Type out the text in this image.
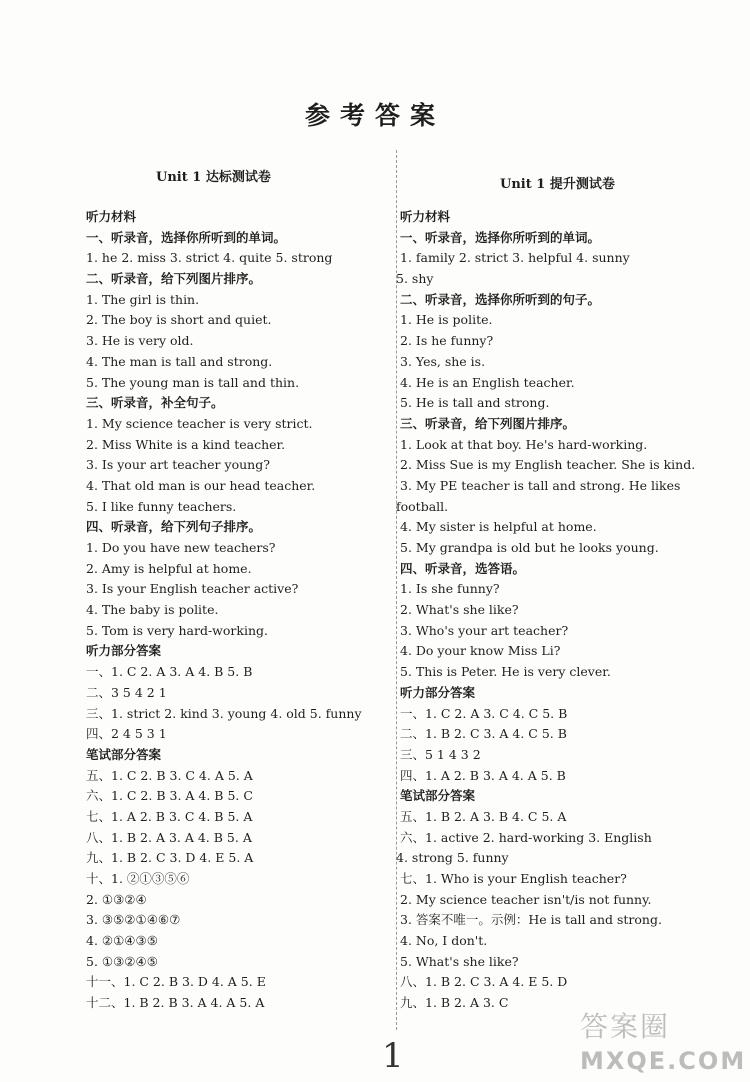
参考答案
Unit 1 达标测试卷
听力材料
一、听录音，选择你所听到的单词。
1. he 2. miss 3. strict 4. quite 5. strong
二、听录音，给下列图片排序。
1. The girl is thin.
2. The boy is short and quiet.
3. He is very old.
4. The man is tall and strong.
5. The young man is tall and thin.
三、听录音，补全句子。
1. My science teacher is very strict.
2. Miss White is a kind teacher.
3. Is your art teacher young?
4. That old man is our head teacher.
5. I like funny teachers.
四、听录音，给下列句子排序。
1. Do you have new teachers?
2. Amy is helpful at home.
3. Is your English teacher active?
4. The baby is polite.
5. Tom is very hard-working.
听力部分答案
一、1. C 2. A 3. A 4. B 5. B
二、3 5 4 2 1
三、1. strict 2. kind 3. young 4. old 5. funny
四、2 4 5 3 1
笔试部分答案
五、1. C 2. B 3. C 4. A 5. A
六、1. C 2. B 3. A 4. B 5. C
七、1. A 2. B 3. C 4. B 5. A
八、1. B 2. A 3. A 4. B 5. A
九、1. B 2. C 3. D 4. E 5. A
十、1. ②①③⑤⑥
2. ①③②④
3. ③⑤②①④⑥⑦
4. ②①④③⑤
5. ①③②④⑤
十一、1. C 2. B 3. D 4. A 5. E
十二、1. B 2. B 3. A 4. A 5. A
Unit 1 提升测试卷
听力材料
一、听录音，选择你所听到的单词。
1. family 2. strict 3. helpful 4. sunny
5. shy
二、听录音，选择你所听到的句子。
1. He is polite.
2. Is he funny?
3. Yes, she is.
4. He is an English teacher.
5. He is tall and strong.
三、听录音，给下列图片排序。
1. Look at that boy. He's hard-working.
2. Miss Sue is my English teacher. She is kind.
3. My PE teacher is tall and strong. He likes
football.
4. My sister is helpful at home.
5. My grandpa is old but he looks young.
四、听录音，选答语。
1. Is she funny?
2. What's she like?
3. Who's your art teacher?
4. Do your know Miss Li?
5. This is Peter. He is very clever.
听力部分答案
一、1. C 2. A 3. C 4. C 5. B
二、1. B 2. C 3. A 4. C 5. B
三、5 1 4 3 2
四、1. A 2. B 3. A 4. A 5. B
笔试部分答案
五、1. B 2. A 3. B 4. C 5. A
六、1. active 2. hard-working 3. English
4. strong 5. funny
七、1. Who is your English teacher?
2. My science teacher isn't/is not funny.
3. 答案不唯一。示例：He is tall and strong.
4. No, I don't.
5. What's she like?
八、1. B 2. C 3. A 4. E 5. D
九、1. B 2. A 3. C
1
答案圈
MXQE.COM
